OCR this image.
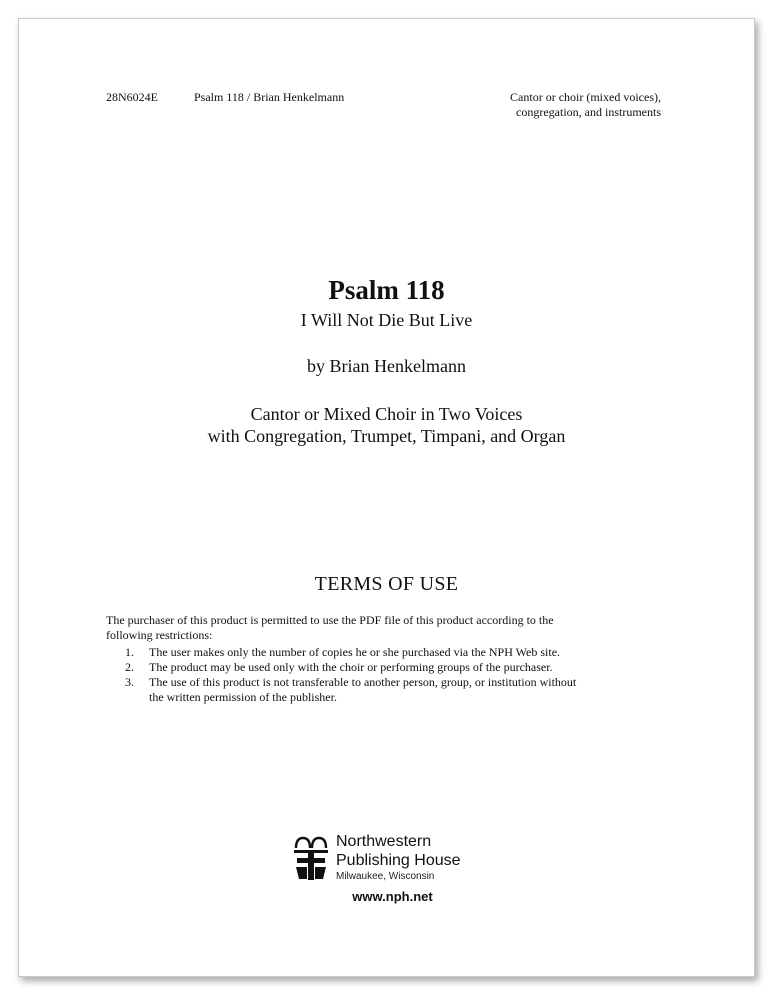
28N6024E	Psalm 118 / Brian Henkelmann	Cantor or choir (mixed voices),
congregation, and instruments
Psalm 118
I Will Not Die But Live
by Brian Henkelmann
Cantor or Mixed Choir in Two Voices
with Congregation, Trumpet, Timpani, and Organ
TERMS OF USE
The purchaser of this product is permitted to use the PDF file of this product according to the
following restrictions:
1. The user makes only the number of copies he or she purchased via the NPH Web site.
2. The product may be used only with the choir or performing groups of the purchaser.
3. The use of this product is not transferable to another person, group, or institution without
the written permission of the publisher.
Northwestern
Publishing House
Milwaukee, Wisconsin
www.nph.net
